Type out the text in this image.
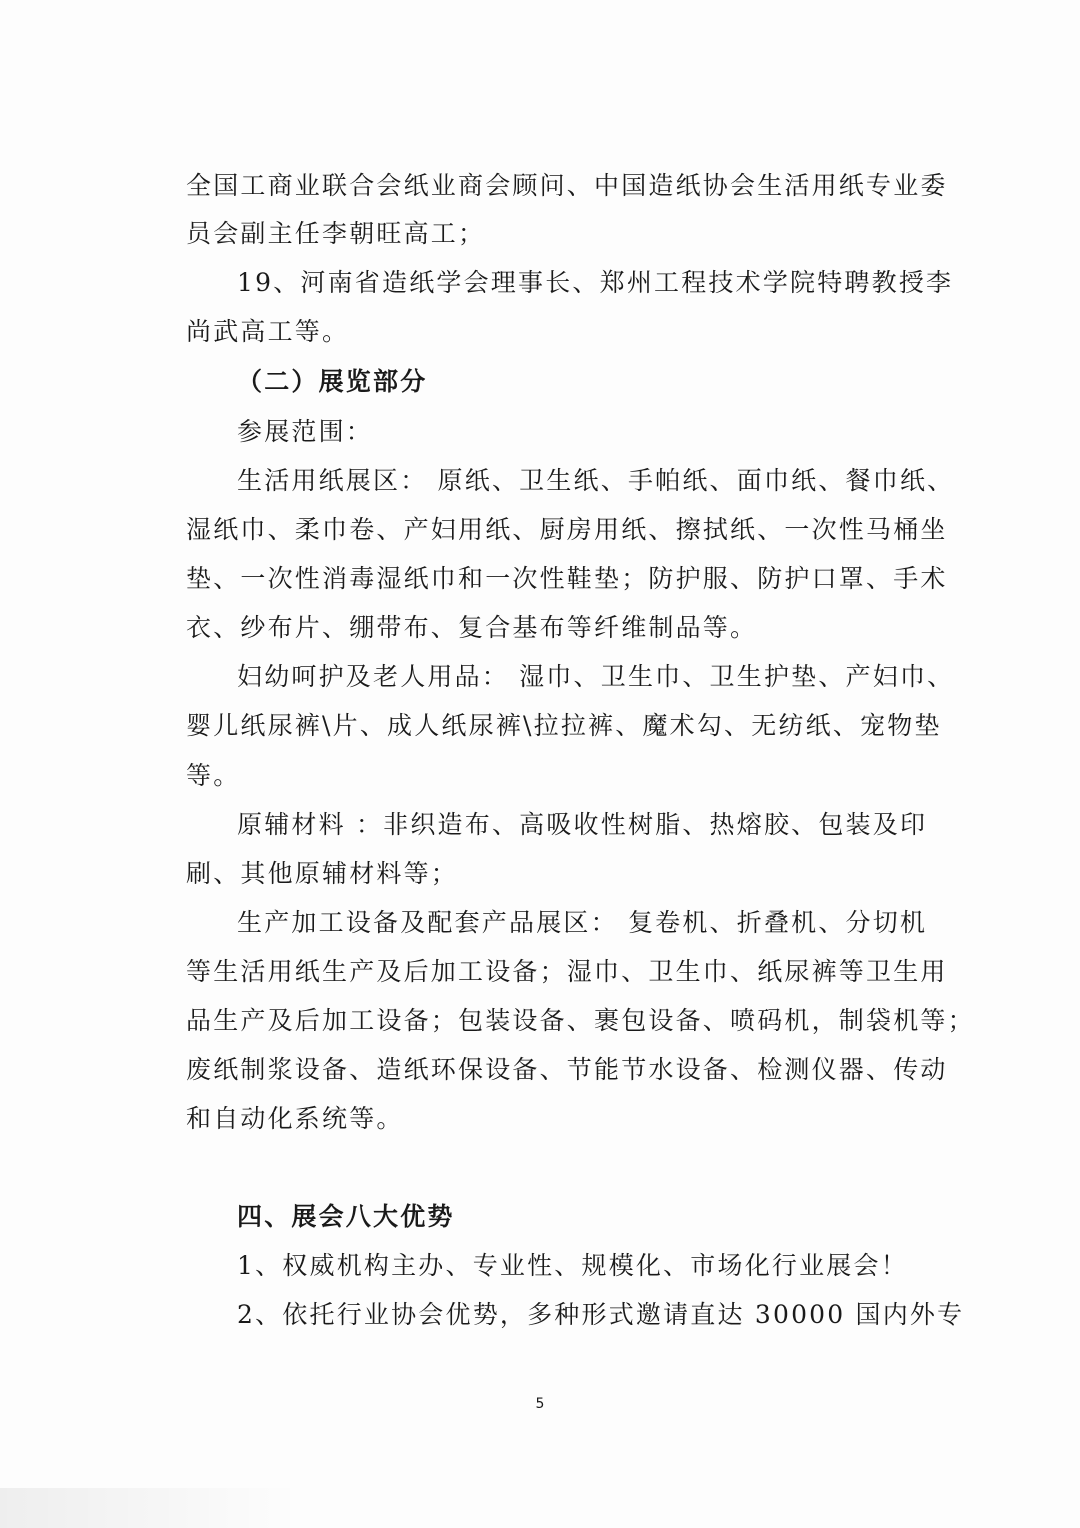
全国工商业联合会纸业商会顾问、中国造纸协会生活用纸专业委
员会副主任李朝旺高工；
19、河南省造纸学会理事长、郑州工程技术学院特聘教授李
尚武高工等。
（二）展览部分
参展范围：
生活用纸展区： 原纸、卫生纸、手帕纸、面巾纸、餐巾纸、
湿纸巾、柔巾卷、产妇用纸、厨房用纸、擦拭纸、一次性马桶坐
垫、一次性消毒湿纸巾和一次性鞋垫；防护服、防护口罩、手术
衣、纱布片、绷带布、复合基布等纤维制品等。
妇幼呵护及老人用品： 湿巾、卫生巾、卫生护垫、产妇巾、
婴儿纸尿裤\片、成人纸尿裤\拉拉裤、魔术勾、无纺纸、宠物垫
等。
原辅材料 ：非织造布、高吸收性树脂、热熔胶、包装及印
刷、其他原辅材料等；
生产加工设备及配套产品展区： 复卷机、折叠机、分切机
等生活用纸生产及后加工设备；湿巾、卫生巾、纸尿裤等卫生用
品生产及后加工设备；包装设备、裹包设备、喷码机，制袋机等；
废纸制浆设备、造纸环保设备、节能节水设备、检测仪器、传动
和自动化系统等。
四、展会八大优势
1、权威机构主办、专业性、规模化、市场化行业展会！
2、依托行业协会优势，多种形式邀请直达 30000 国内外专
5
